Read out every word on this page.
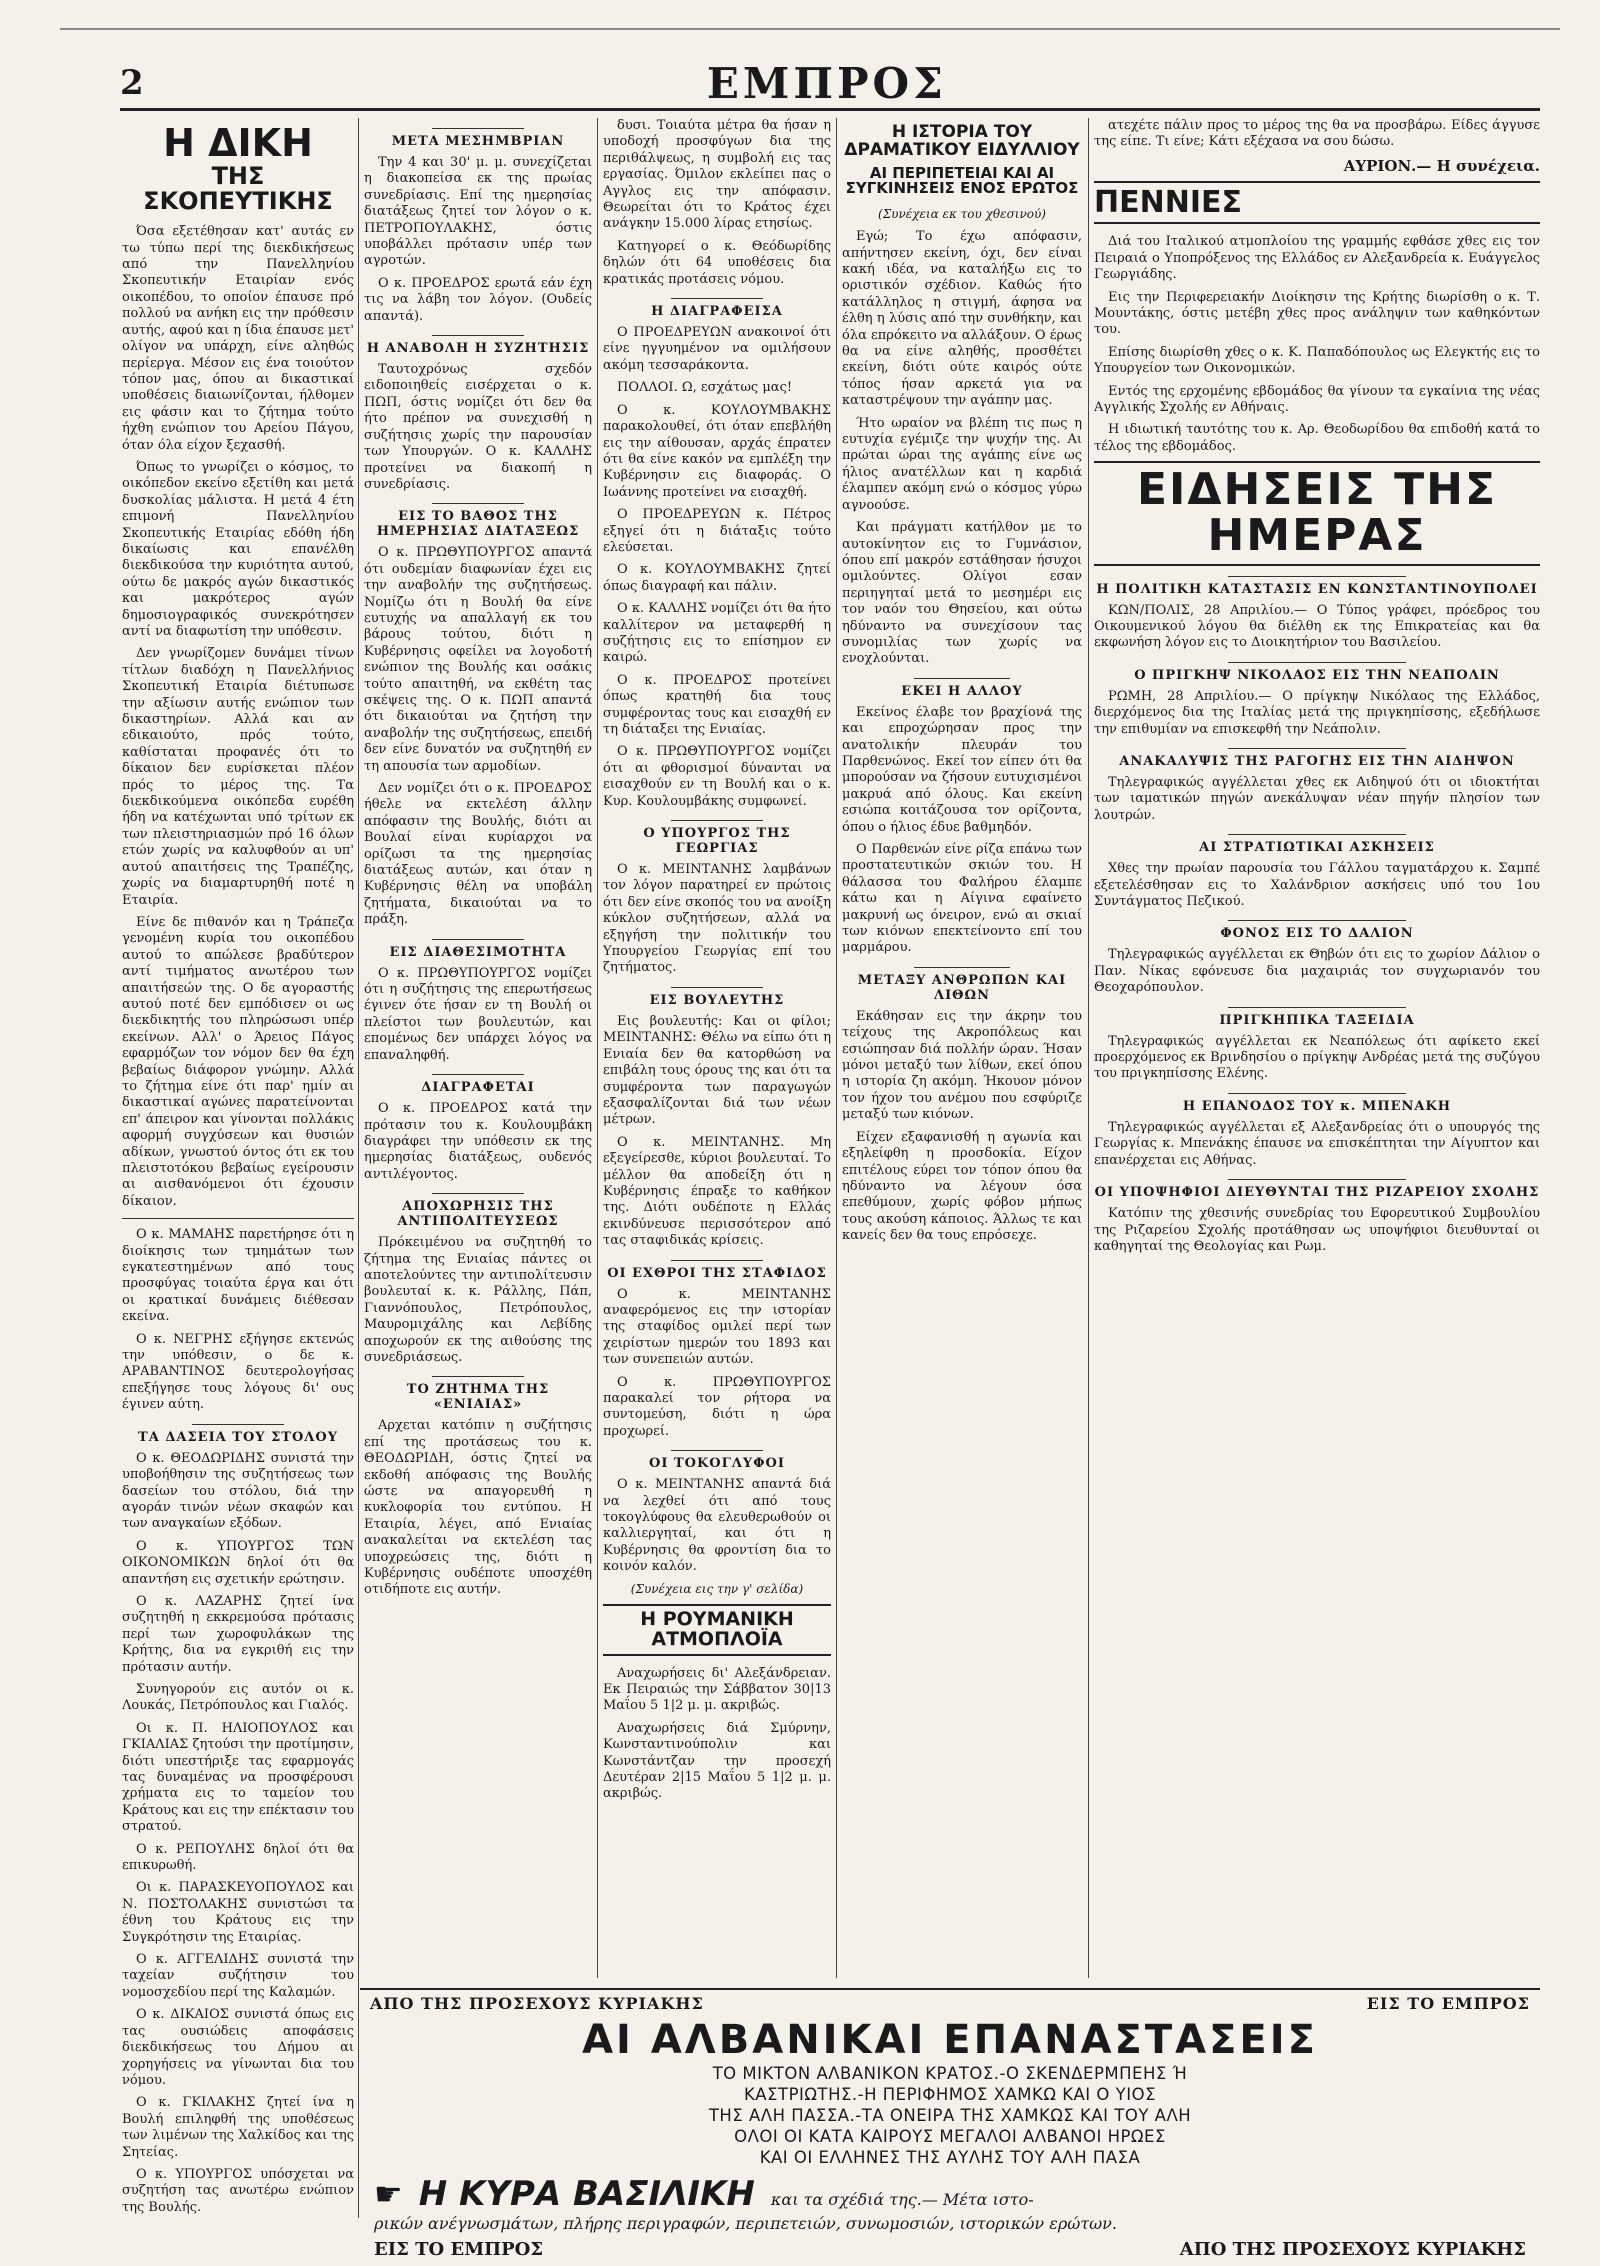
2	ΕΜΠΡΟΣ
Η ΔΙΚΗ
ΤΗΣ ΣΚΟΠΕΥΤΙΚΗΣ

Όσα εξετέθησαν κατ' αυτάς εν τω τύπω περί της διεκδικήσεως από την Πανελληνίου Σκοπευτικήν Εταιρίαν ενός οικοπέδου, το οποίον έπαυσε πρό πολλού να ανήκη εις την πρόθεσιν αυτής, αφού και η ίδια έπαυσε μετ' ολίγον να υπάρχη, είνε αληθώς περίεργα. Μέσον εις ένα τοιούτον τόπον μας, όπου αι δικαστικαί υποθέσεις διαιωνίζονται, ήλθομεν εις φάσιν και το ζήτημα τούτο ήχθη ενώπιον του Αρείου Πάγου, όταν όλα είχον ξεχασθή.

Όπως το γνωρίζει ο κόσμος, το οικόπεδον εκείνο εξετίθη και μετά δυσκολίας μάλιστα. Η μετά 4 έτη επιμονή Πανελληνίου Σκοπευτικής Εταιρίας εδόθη ήδη δικαίωσις και επανέλθη διεκδικούσα την κυριότητα αυτού, ούτω δε μακρός αγών δικαστικός και μακρότερος αγών δημοσιογραφικός συνεκρότησεν αντί να διαφωτίση την υπόθεσιν.

Δεν γνωρίζομεν δυνάμει τίνων τίτλων διαδόχη η Πανελλήνιος Σκοπευτική Εταιρία διέτυπωσε την αξίωσιν αυτής ενώπιον των δικαστηρίων. Αλλά και αν εδικαιούτο, πρός τούτο, καθίσταται προφανές ότι το δίκαιον δεν ευρίσκεται πλέον πρός το μέρος της. Τα διεκδικούμενα οικόπεδα ευρέθη ήδη να κατέχωνται υπό τρίτων εκ των πλειστηριασμών πρό 16 όλων ετών χωρίς να καλυφθούν αι υπ' αυτού απαιτήσεις της Τραπέζης, χωρίς να διαμαρτυρηθή ποτέ η Εταιρία.

Είνε δε πιθανόν και η Τράπεζα γενομένη κυρία του οικοπέδου αυτού το απώλεσε βραδύτερον αντί τιμήματος ανωτέρου των απαιτήσεών της. Ο δε αγοραστής αυτού ποτέ δεν εμπόδισεν οι ως διεκδικητής του πληρώσωσι υπέρ εκείνων. Αλλ' ο Άρειος Πάγος εφαρμόζων τον νόμον δεν θα έχη βεβαίως διάφορον γνώμην. Αλλά το ζήτημα είνε ότι παρ' ημίν αι δικαστικαί αγώνες παρατείνονται επ' άπειρον και γίνονται πολλάκις αφορμή συγχύσεων και θυσιών αδίκων, γνωστού όντος ότι εκ του πλειστοτόκου βεβαίως εγείρουσιν αι αισθανόμενοι ότι έχουσιν δίκαιον.

Ο κ. ΜΑΜΑΗΣ παρετήρησε ότι η διοίκησις των τμημάτων των εγκατεστημένων από τους προσφύγας τοιαύτα έργα και ότι οι κρατικαί δυνάμεις διέθεσαν εκείνα.

Ο κ. ΝΕΓΡΗΣ εξήγησε εκτενώς την υπόθεσιν, ο δε κ. ΑΡΑΒΑΝΤΙΝΟΣ δευτερολογήσας επεξήγησε τους λόγους δι' ους έγινεν αύτη.

ΤΑ ΔΑΣΕΙΑ ΤΟΥ ΣΤΟΛΟΥ

Ο κ. ΘΕΟΔΩΡΙΔΗΣ συνιστά την υποβοήθησιν της συζητήσεως των δασείων του στόλου, διά την αγοράν τινών νέων σκαφών και των αναγκαίων εξόδων.

Ο κ. ΥΠΟΥΡΓΟΣ ΤΩΝ ΟΙΚΟΝΟΜΙΚΩΝ δηλοί ότι θα απαντήση εις σχετικήν ερώτησιν.

Ο κ. ΛΑΖΑΡΗΣ ζητεί ίνα συζητηθή η εκκρεμούσα πρότασις περί των χωροφυλάκων της Κρήτης, δια να εγκριθή εις την πρότασιν αυτήν.

Συνηγορούν εις αυτόν οι κ. Λουκάς, Πετρόπουλος και Γιαλός.

Οι κ. Π. ΗΛΙΟΠΟΥΛΟΣ και ΓΚΙΑΛΙΑΣ ζητούσι την προτίμησιν, διότι υπεστήριξε τας εφαρμογάς τας δυναμένας να προσφέρουσι χρήματα εις το ταμείον του Κράτους και εις την επέκτασιν του στρατού.

Ο κ. ΡΕΠΟΥΛΗΣ δηλοί ότι θα επικυρωθή.

Οι κ. ΠΑΡΑΣΚΕΥΟΠΟΥΛΟΣ και Ν. ΠΟΣΤΟΛΑΚΗΣ συνιστώσι τα έθνη του Κράτους εις την Συγκρότησιν της Εταιρίας.

Ο κ. ΑΓΓΕΛΙΔΗΣ συνιστά την ταχείαν συζήτησιν του νομοσχεδίου περί της Καλαμών.

Ο κ. ΔΙΚΑΙΟΣ συνιστά όπως εις τας ουσιώδεις αποφάσεις διεκδικήσεως του Δήμου αι χορηγήσεις να γίνωνται δια του νόμου.

Ο κ. ΓΚΙΛΑΚΗΣ ζητεί ίνα η Βουλή επιληφθή της υποθέσεως των λιμένων της Χαλκίδος και της Σητείας.

Ο κ. ΥΠΟΥΡΓΟΣ υπόσχεται να συζητήση τας ανωτέρω ενώπιον της Βουλής.

ΜΕΤΑ ΜΕΣΗΜΒΡΙΑΝ

Την 4 και 30' μ. μ. συνεχίζεται η διακοπείσα εκ της πρωίας συνεδρίασις. Επί της ημερησίας διατάξεως ζητεί τον λόγον ο κ. ΠΕΤΡΟΠΟΥΛΑΚΗΣ, όστις υποβάλλει πρότασιν υπέρ των αγροτών.

Ο κ. ΠΡΟΕΔΡΟΣ ερωτά εάν έχη τις να λάβη τον λόγον. (Ουδείς απαντά).

Η ΑΝΑΒΟΛΗ Η ΣΥΖΗΤΗΣΙΣ

Ταυτοχρόνως σχεδόν ειδοποιηθείς εισέρχεται ο κ. ΠΩΠ, όστις νομίζει ότι δεν θα ήτο πρέπον να συνεχισθή η συζήτησις χωρίς την παρουσίαν των Υπουργών. Ο κ. ΚΑΛΛΗΣ προτείνει να διακοπή η συνεδρίασις.

ΕΙΣ ΤΟ ΒΑΘΟΣ ΤΗΣ ΗΜΕΡΗΣΙΑΣ ΔΙΑΤΑΞΕΩΣ

Ο κ. ΠΡΩΘΥΠΟΥΡΓΟΣ απαντά ότι ουδεμίαν διαφωνίαν έχει εις την αναβολήν της συζητήσεως. Νομίζω ότι η Βουλή θα είνε ευτυχής να απαλλαγή εκ του βάρους τούτου, διότι η Κυβέρνησις οφείλει να λογοδοτή ενώπιον της Βουλής και οσάκις τούτο απαιτηθή, να εκθέτη τας σκέψεις της. Ο κ. ΠΩΠ απαντά ότι δικαιούται να ζητήση την αναβολήν της συζητήσεως, επειδή δεν είνε δυνατόν να συζητηθή εν τη απουσία των αρμοδίων.

Δεν νομίζει ότι ο κ. ΠΡΟΕΔΡΟΣ ήθελε να εκτελέση άλλην απόφασιν της Βουλής, διότι αι Βουλαί είναι κυρίαρχοι να ορίζωσι τα της ημερησίας διατάξεως αυτών, και όταν η Κυβέρνησις θέλη να υποβάλη ζητήματα, δικαιούται να το πράξη.

ΕΙΣ ΔΙΑΘΕΣΙΜΟΤΗΤΑ

Ο κ. ΠΡΩΘΥΠΟΥΡΓΟΣ νομίζει ότι η συζήτησις της επερωτήσεως έγινεν ότε ήσαν εν τη Βουλή οι πλείστοι των βουλευτών, και επομένως δεν υπάρχει λόγος να επαναληφθή.

ΔΙΑΓΡΑΦΕΤΑΙ

Ο κ. ΠΡΟΕΔΡΟΣ κατά την πρότασιν του κ. Κουλουμβάκη διαγράφει την υπόθεσιν εκ της ημερησίας διατάξεως, ουδενός αντιλέγοντος.

ΑΠΟΧΩΡΗΣΙΣ ΤΗΣ ΑΝΤΙΠΟΛΙΤΕΥΣΕΩΣ

Πρόκειμένου να συζητηθή το ζήτημα της Ενιαίας πάντες οι αποτελούντες την αντιπολίτευσιν βουλευταί κ. κ. Ράλλης, Πάπ, Γιαννόπουλος, Πετρόπουλος, Μαυρομιχάλης και Λεβίδης αποχωρούν εκ της αιθούσης της συνεδριάσεως.

ΤΟ ΖΗΤΗΜΑ ΤΗΣ «ΕΝΙΑΙΑΣ»

Αρχεται κατόπιν η συζήτησις επί της προτάσεως του κ. ΘΕΟΔΩΡΙΔΗ, όστις ζητεί να εκδοθή απόφασις της Βουλής ώστε να απαγορευθή η κυκλοφορία του εντύπου. Η Εταιρία, λέγει, από Ενιαίας ανακαλείται να εκτελέση τας υποχρεώσεις της, διότι η Κυβέρνησις ουδέποτε υποσχέθη οτιδήποτε εις αυτήν.

δυσι. Τοιαύτα μέτρα θα ήσαν η υποδοχή προσφύγων δια της περιθάλψεως, η συμβολή εις τας εργασίας. Όμιλον εκλείπει πας ο Αγγλος εις την απόφασιν. Θεωρείται ότι το Κράτος έχει ανάγκην 15.000 λίρας ετησίως.

Κατηγορεί ο κ. Θεόδωρίδης δηλών ότι 64 υποθέσεις δια κρατικάς προτάσεις νόμου.

Η ΔΙΑΓΡΑΦΕΙΣΑ

Ο ΠΡΟΕΔΡΕΥΩΝ ανακοινοί ότι είνε ηγγυημένον να ομιλήσουν ακόμη τεσσαράκοντα.

ΠΟΛΛΟΙ. Ω, εσχάτως μας!

Ο κ. ΚΟΥΛΟΥΜΒΑΚΗΣ παρακολουθεί, ότι όταν επεβλήθη εις την αίθουσαν, αρχάς έπρατεν ότι θα είνε κακόν να εμπλέξη την Κυβέρνησιν εις διαφοράς. Ο Ιωάννης προτείνει να εισαχθή.

Ο ΠΡΟΕΔΡΕΥΩΝ κ. Πέτρος εξηγεί ότι η διάταξις τούτο ελεύσεται.

Ο κ. ΚΟΥΛΟΥΜΒΑΚΗΣ ζητεί όπως διαγραφή και πάλιν.

Ο κ. ΚΑΛΛΗΣ νομίζει ότι θα ήτο καλλίτερον να μεταφερθή η συζήτησις εις το επίσημον εν καιρώ.

Ο κ. ΠΡΟΕΔΡΟΣ προτείνει όπως κρατηθή δια τους συμφέροντας τους και εισαχθή εν τη διάταξει της Ενιαίας.

Ο κ. ΠΡΩΘΥΠΟΥΡΓΟΣ νομίζει ότι αι φθορισμοί δύνανται να εισαχθούν εν τη Βουλή και ο κ. Κυρ. Κουλουμβάκης συμφωνεί.

Ο ΥΠΟΥΡΓΟΣ ΤΗΣ ΓΕΩΡΓΙΑΣ

Ο κ. ΜΕΙΝΤΑΝΗΣ λαμβάνων τον λόγον παρατηρεί εν πρώτοις ότι δεν είνε σκοπός του να ανοίξη κύκλον συζητήσεων, αλλά να εξηγήση την πολιτικήν του Υπουργείου Γεωργίας επί του ζητήματος.

ΕΙΣ ΒΟΥΛΕΥΤΗΣ

Εις βουλευτής: Και οι φίλοι; ΜΕΙΝΤΑΝΗΣ: Θέλω να είπω ότι η Ενιαία δεν θα κατορθώση να επιβάλη τους όρους της και ότι τα συμφέροντα των παραγωγών εξασφαλίζονται διά των νέων μέτρων.

Ο κ. ΜΕΙΝΤΑΝΗΣ. Μη εξεγείρεσθε, κύριοι βουλευταί. Το μέλλον θα αποδείξη ότι η Κυβέρνησις έπραξε το καθήκον της. Διότι ουδέποτε η Ελλάς εκινδύνευσε περισσότερον από τας σταφιδικάς κρίσεις.

ΟΙ ΕΧΘΡΟΙ ΤΗΣ ΣΤΑΦΙΔΟΣ

Ο κ. ΜΕΙΝΤΑΝΗΣ αναφερόμενος εις την ιστορίαν της σταφίδος ομιλεί περί των χειρίστων ημερών του 1893 και των συνεπειών αυτών.

Ο κ. ΠΡΩΘΥΠΟΥΡΓΟΣ παρακαλεί τον ρήτορα να συντομεύση, διότι η ώρα προχωρεί.

ΟΙ ΤΟΚΟΓΛΥΦΟΙ

Ο κ. ΜΕΙΝΤΑΝΗΣ απαντά διά να λεχθεί ότι από τους τοκογλύφους θα ελευθερωθούν οι καλλιεργηταί, και ότι η Κυβέρνησις θα φροντίση δια το κοινόν καλόν.

(Συνέχεια εις την γ' σελίδα)
Η ΡΟΥΜΑΝΙΚΗ ΑΤΜΟΠΛΟΪΑ

Αναχωρήσεις δι' Αλεξάνδρειαν. Εκ Πειραιώς την Σάββατον 30|13 Μαΐου 5 1|2 μ. μ. ακριβώς.

Αναχωρήσεις διά Σμύρνην, Κωνσταντινούπολιν και Κωνστάντζαν την προσεχή Δευτέραν 2|15 Μαΐου 5 1|2 μ. μ. ακριβώς.

Η ΙΣΤΟΡΙΑ ΤΟΥ ΔΡΑΜΑΤΙΚΟΥ ΕΙΔΥΛΛΙΟΥ
ΑΙ ΠΕΡΙΠΕΤΕΙΑΙ ΚΑΙ ΑΙ ΣΥΓΚΙΝΗΣΕΙΣ ΕΝΟΣ ΕΡΩΤΟΣ
(Συνέχεια εκ του χθεσινού)

Εγώ; Το έχω απόφασιν, απήντησεν εκείνη, όχι, δεν είναι κακή ιδέα, να καταλήξω εις το οριστικόν σχέδιον. Καθώς ήτο κατάλληλος η στιγμή, άφησα να έλθη η λύσις από την συνθήκην, και όλα επρόκειτο να αλλάξουν. Ο έρως θα να είνε αληθής, προσθέτει εκείνη, διότι ούτε καιρός ούτε τόπος ήσαν αρκετά για να καταστρέψουν την αγάπην μας.

Ήτο ωραίον να βλέπη τις πως η ευτυχία εγέμιζε την ψυχήν της. Αι πρώται ώραι της αγάπης είνε ως ήλιος ανατέλλων και η καρδιά έλαμπεν ακόμη ενώ ο κόσμος γύρω αγνοούσε.

Και πράγματι κατήλθον με το αυτοκίνητον εις το Γυμνάσιον, όπου επί μακρόν εστάθησαν ήσυχοι ομιλούντες. Ολίγοι εσαν περιηγηταί μετά το μεσημέρι εις τον ναόν του Θησείου, και ούτω ηδύναντο να συνεχίσουν τας συνομιλίας των χωρίς να ενοχλούνται.

ΕΚΕΙ Η ΑΛΛΟΥ

Εκείνος έλαβε τον βραχίονά της και επροχώρησαν προς την ανατολικήν πλευράν του Παρθενώνος. Εκεί τον είπεν ότι θα μπορούσαν να ζήσουν ευτυχισμένοι μακρυά από όλους. Και εκείνη εσιώπα κοιτάζουσα τον ορίζοντα, όπου ο ήλιος έδυε βαθμηδόν.

Ο Παρθενών είνε ρίζα επάνω των προστατευτικών σκιών του. Η θάλασσα του Φαλήρου έλαμπε κάτω και η Αίγινα εφαίνετο μακρυνή ως όνειρον, ενώ αι σκιαί των κιόνων επεκτείνοντο επί του μαρμάρου.

ΜΕΤΑΞΥ ΑΝΘΡΩΠΩΝ ΚΑΙ ΛΙΘΩΝ

Εκάθησαν εις την άκρην του τείχους της Ακροπόλεως και εσιώπησαν διά πολλήν ώραν. Ήσαν μόνοι μεταξύ των λίθων, εκεί όπου η ιστορία ζη ακόμη. Ήκουον μόνον τον ήχον του ανέμου που εσφύριζε μεταξύ των κιόνων.

Είχεν εξαφανισθή η αγωνία και εξηλείφθη η προσδοκία. Είχον επιτέλους εύρει τον τόπον όπου θα ηδύναντο να λέγουν όσα επεθύμουν, χωρίς φόβον μήπως τους ακούση κάποιος. Άλλως τε και κανείς δεν θα τους επρόσεχε.

ατεχέτε πάλιν προς το μέρος της θα να προσβάρω. Είδες άγγυσε της είπε. Τι είνε; Κάτι εξέχασα να σου δώσω.

ΑΥΡΙΟΝ.— Η συνέχεια.
ΠΕΝΝΙΕΣ

Διά του Ιταλικού ατμοπλοίου της γραμμής εφθάσε χθες εις τον Πειραιά ο Υποπρόξενος της Ελλάδος εν Αλεξανδρεία κ. Ευάγγελος Γεωργιάδης.

Εις την Περιφερειακήν Διοίκησιν της Κρήτης διωρίσθη ο κ. Τ. Μουντάκης, όστις μετέβη χθες προς ανάληψιν των καθηκόντων του.

Επίσης διωρίσθη χθες ο κ. Κ. Παπαδόπουλος ως Ελεγκτής εις το Υπουργείον των Οικονομικών.

Εντός της ερχομένης εβδομάδος θα γίνουν τα εγκαίνια της νέας Αγγλικής Σχολής εν Αθήναις.

Η ιδιωτική ταυτότης του κ. Αρ. Θεοδωρίδου θα επιδοθή κατά το τέλος της εβδομάδος.

ΕΙΔΗΣΕΙΣ ΤΗΣ ΗΜΕΡΑΣ
Η ΠΟΛΙΤΙΚΗ ΚΑΤΑΣΤΑΣΙΣ ΕΝ ΚΩΝΣΤΑΝΤΙΝΟΥΠΟΛΕΙ

ΚΩΝ/ΠΟΛΙΣ, 28 Απριλίου.— Ο Τύπος γράφει, πρόεδρος του Οικουμενικού λόγου θα διέλθη εκ της Επικρατείας και θα εκφωνήση λόγον εις το Διοικητήριον του Βασιλείου.

Ο ΠΡΙΓΚΗΨ ΝΙΚΟΛΑΟΣ ΕΙΣ ΤΗΝ ΝΕΑΠΟΛΙΝ

ΡΩΜΗ, 28 Απριλίου.— Ο πρίγκηψ Νικόλαος της Ελλάδος, διερχόμενος δια της Ιταλίας μετά της πριγκηπίσσης, εξεδήλωσε την επιθυμίαν να επισκεφθή την Νεάπολιν.

ΑΝΑΚΑΛΥΨΙΣ ΤΗΣ ΡΑΓΟΓΗΣ ΕΙΣ ΤΗΝ ΑΙΔΗΨΟΝ

Τηλεγραφικώς αγγέλλεται χθες εκ Αιδηψού ότι οι ιδιοκτήται των ιαματικών πηγών ανεκάλυψαν νέαν πηγήν πλησίον των λουτρών.

ΑΙ ΣΤΡΑΤΙΩΤΙΚΑΙ ΑΣΚΗΣΕΙΣ

Χθες την πρωίαν παρουσία του Γάλλου ταγματάρχου κ. Σαμπέ εξετελέσθησαν εις το Χαλάνδριον ασκήσεις υπό του 1ου Συντάγματος Πεζικού.

ΦΟΝΟΣ ΕΙΣ ΤΟ ΔΑΛΙΟΝ

Τηλεγραφικώς αγγέλλεται εκ Θηβών ότι εις το χωρίον Δάλιον ο Παν. Νίκας εφόνευσε δια μαχαιριάς τον συγχωριανόν του Θεοχαρόπουλον.

ΠΡΙΓΚΗΠΙΚΑ ΤΑΞΕΙΔΙΑ

Τηλεγραφικώς αγγέλλεται εκ Νεαπόλεως ότι αφίκετο εκεί προερχόμενος εκ Βρινδησίου ο πρίγκηψ Ανδρέας μετά της συζύγου του πριγκηπίσσης Ελένης.

Η ΕΠΑΝΟΔΟΣ ΤΟΥ κ. ΜΠΕΝΑΚΗ

Τηλεγραφικώς αγγέλλεται εξ Αλεξανδρείας ότι ο υπουργός της Γεωργίας κ. Μπενάκης έπαυσε να επισκέπτηται την Αίγυπτον και επανέρχεται εις Αθήνας.

ΟΙ ΥΠΟΨΗΦΙΟΙ ΔΙΕΥΘΥΝΤΑΙ ΤΗΣ ΡΙΖΑΡΕΙΟΥ ΣΧΟΛΗΣ

Κατόπιν της χθεσινής συνεδρίας του Εφορευτικού Συμβουλίου της Ριζαρείου Σχολής προτάθησαν ως υποψήφιοι διευθυνταί οι καθηγηταί της Θεολογίας και Ρωμ.

ΑΠΟ ΤΗΣ ΠΡΟΣΕΧΟΥΣ ΚΥΡΙΑΚΗΣ	ΕΙΣ ΤΟ ΕΜΠΡΟΣ
ΑΙ ΑΛΒΑΝΙΚΑΙ ΕΠΑΝΑΣΤΑΣΕΙΣ
ΤΟ ΜΙΚΤΟΝ ΑΛΒΑΝΙΚΟΝ ΚΡΑΤΟΣ.-Ο ΣΚΕΝΔΕΡΜΠΕΗΣ Ή
ΚΑΣΤΡΙΩΤΗΣ.-Η ΠΕΡΙΦΗΜΟΣ ΧΑΜΚΩ ΚΑΙ Ο ΥΙΟΣ
ΤΗΣ ΑΛΗ ΠΑΣΣΑ.-ΤΑ ΟΝΕΙΡΑ ΤΗΣ ΧΑΜΚΩΣ ΚΑΙ ΤΟΥ ΑΛΗ
ΟΛΟΙ ΟΙ ΚΑΤΑ ΚΑΙΡΟΥΣ ΜΕΓΑΛΟΙ ΑΛΒΑΝΟΙ ΗΡΩΕΣ
ΚΑΙ ΟΙ ΕΛΛΗΝΕΣ ΤΗΣ ΑΥΛΗΣ ΤΟΥ ΑΛΗ ΠΑΣΑ
☛ Η ΚΥΡΑ ΒΑΣΙΛΙΚΗ και τα σχέδιά της.— Μέτα ιστο-
ρικών ανέγνωσμάτων, πλήρης περιγραφών, περιπετειών, συνωμοσιών, ιστορικών ερώτων.
ΕΙΣ ΤΟ ΕΜΠΡΟΣ	ΑΠΟ ΤΗΣ ΠΡΟΣΕΧΟΥΣ ΚΥΡΙΑΚΗΣ
